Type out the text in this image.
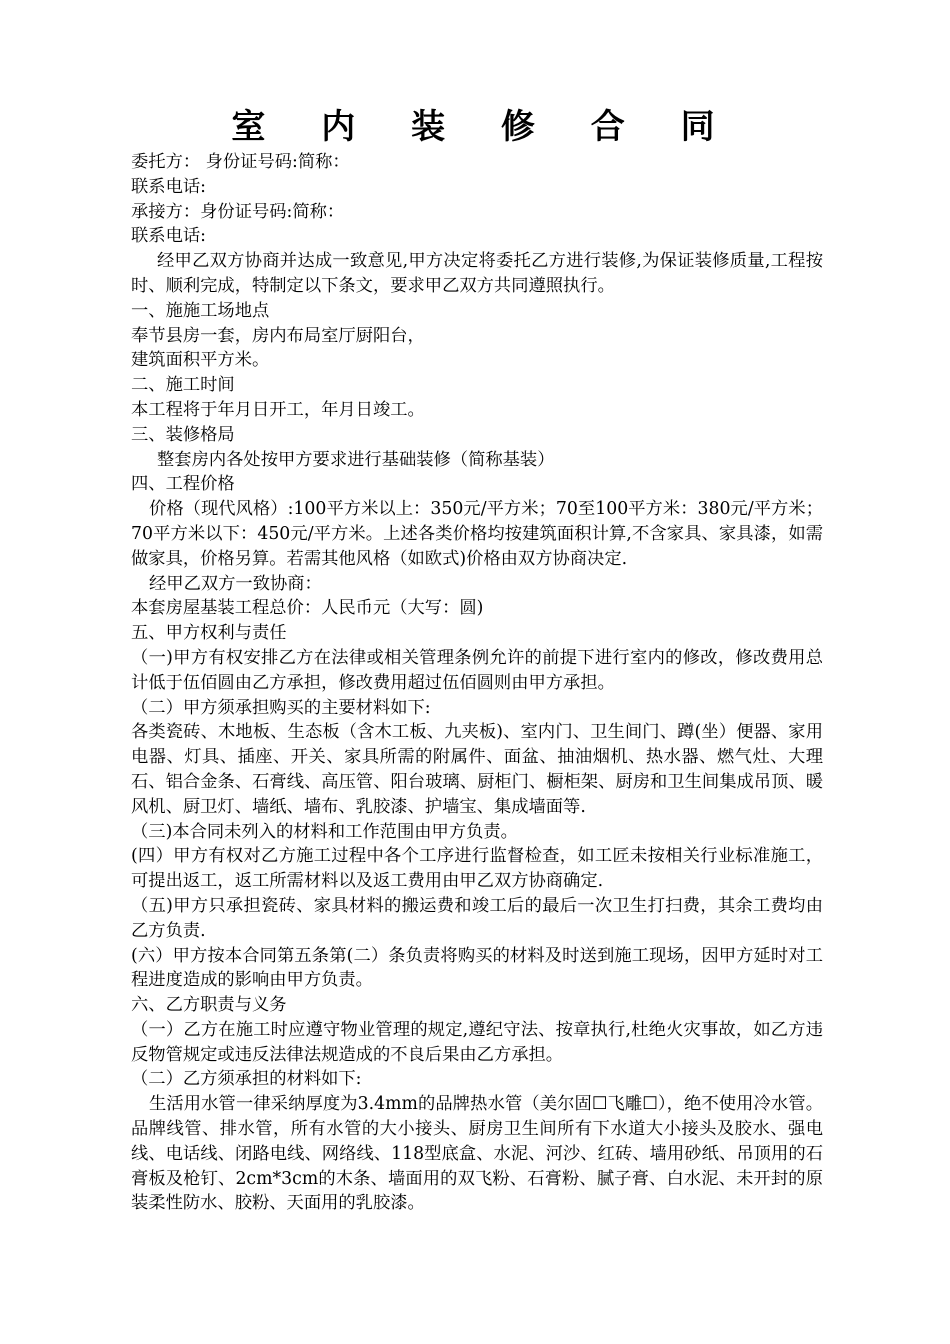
室 内 装 修 合 同

委托方： 身份证号码:简称：

联系电话:

承接方：身份证号码:简称：

联系电话:

经甲乙双方协商并达成一致意见,甲方决定将委托乙方进行装修,为保证装修质量,工程按时、顺利完成，特制定以下条文，要求甲乙双方共同遵照执行。

一、施施工场地点

奉节县房一套，房内布局室厅厨阳台，

建筑面积平方米。

二、施工时间

本工程将于年月日开工，年月日竣工。

三、装修格局

整套房内各处按甲方要求进行基础装修（简称基装）

四、工程价格

价格（现代风格）:100平方米以上：350元/平方米；70至100平方米：380元/平方米；70平方米以下：450元/平方米。上述各类价格均按建筑面积计算,不含家具、家具漆，如需做家具，价格另算。若需其他风格（如欧式)价格由双方协商决定.

经甲乙双方一致协商：

本套房屋基装工程总价：人民币元（大写：圆)

五、甲方权利与责任

（一)甲方有权安排乙方在法律或相关管理条例允许的前提下进行室内的修改，修改费用总计低于伍佰圆由乙方承担，修改费用超过伍佰圆则由甲方承担。

（二）甲方须承担购买的主要材料如下:

各类瓷砖、木地板、生态板（含木工板、九夹板)、室内门、卫生间门、蹲(坐）便器、家用电器、灯具、插座、开关、家具所需的附属件、面盆、抽油烟机、热水器、燃气灶、大理石、铝合金条、石膏线、高压管、阳台玻璃、厨柜门、橱柜架、厨房和卫生间集成吊顶、暖风机、厨卫灯、墙纸、墙布、乳胶漆、护墙宝、集成墙面等.

（三)本合同未列入的材料和工作范围由甲方负责。

(四）甲方有权对乙方施工过程中各个工序进行监督检查，如工匠未按相关行业标准施工，可提出返工，返工所需材料以及返工费用由甲乙双方协商确定.

（五)甲方只承担瓷砖、家具材料的搬运费和竣工后的最后一次卫生打扫费，其余工费均由乙方负责.

(六）甲方按本合同第五条第(二）条负责将购买的材料及时送到施工现场，因甲方延时对工程进度造成的影响由甲方负责。

六、乙方职责与义务

（一）乙方在施工时应遵守物业管理的规定,遵纪守法、按章执行,杜绝火灾事故，如乙方违反物管规定或违反法律法规造成的不良后果由乙方承担。

（二）乙方须承担的材料如下:

生活用水管一律采纳厚度为3.4mm的品牌热水管（美尔固☐飞雕☐），绝不使用冷水管。品牌线管、排水管，所有水管的大小接头、厨房卫生间所有下水道大小接头及胶水、强电线、电话线、闭路电线、网络线、118型底盒、水泥、河沙、红砖、墙用砂纸、吊顶用的石膏板及枪钉、2cm*3cm的木条、墙面用的双飞粉、石膏粉、腻子膏、白水泥、未开封的原装柔性防水、胶粉、天面用的乳胶漆。
